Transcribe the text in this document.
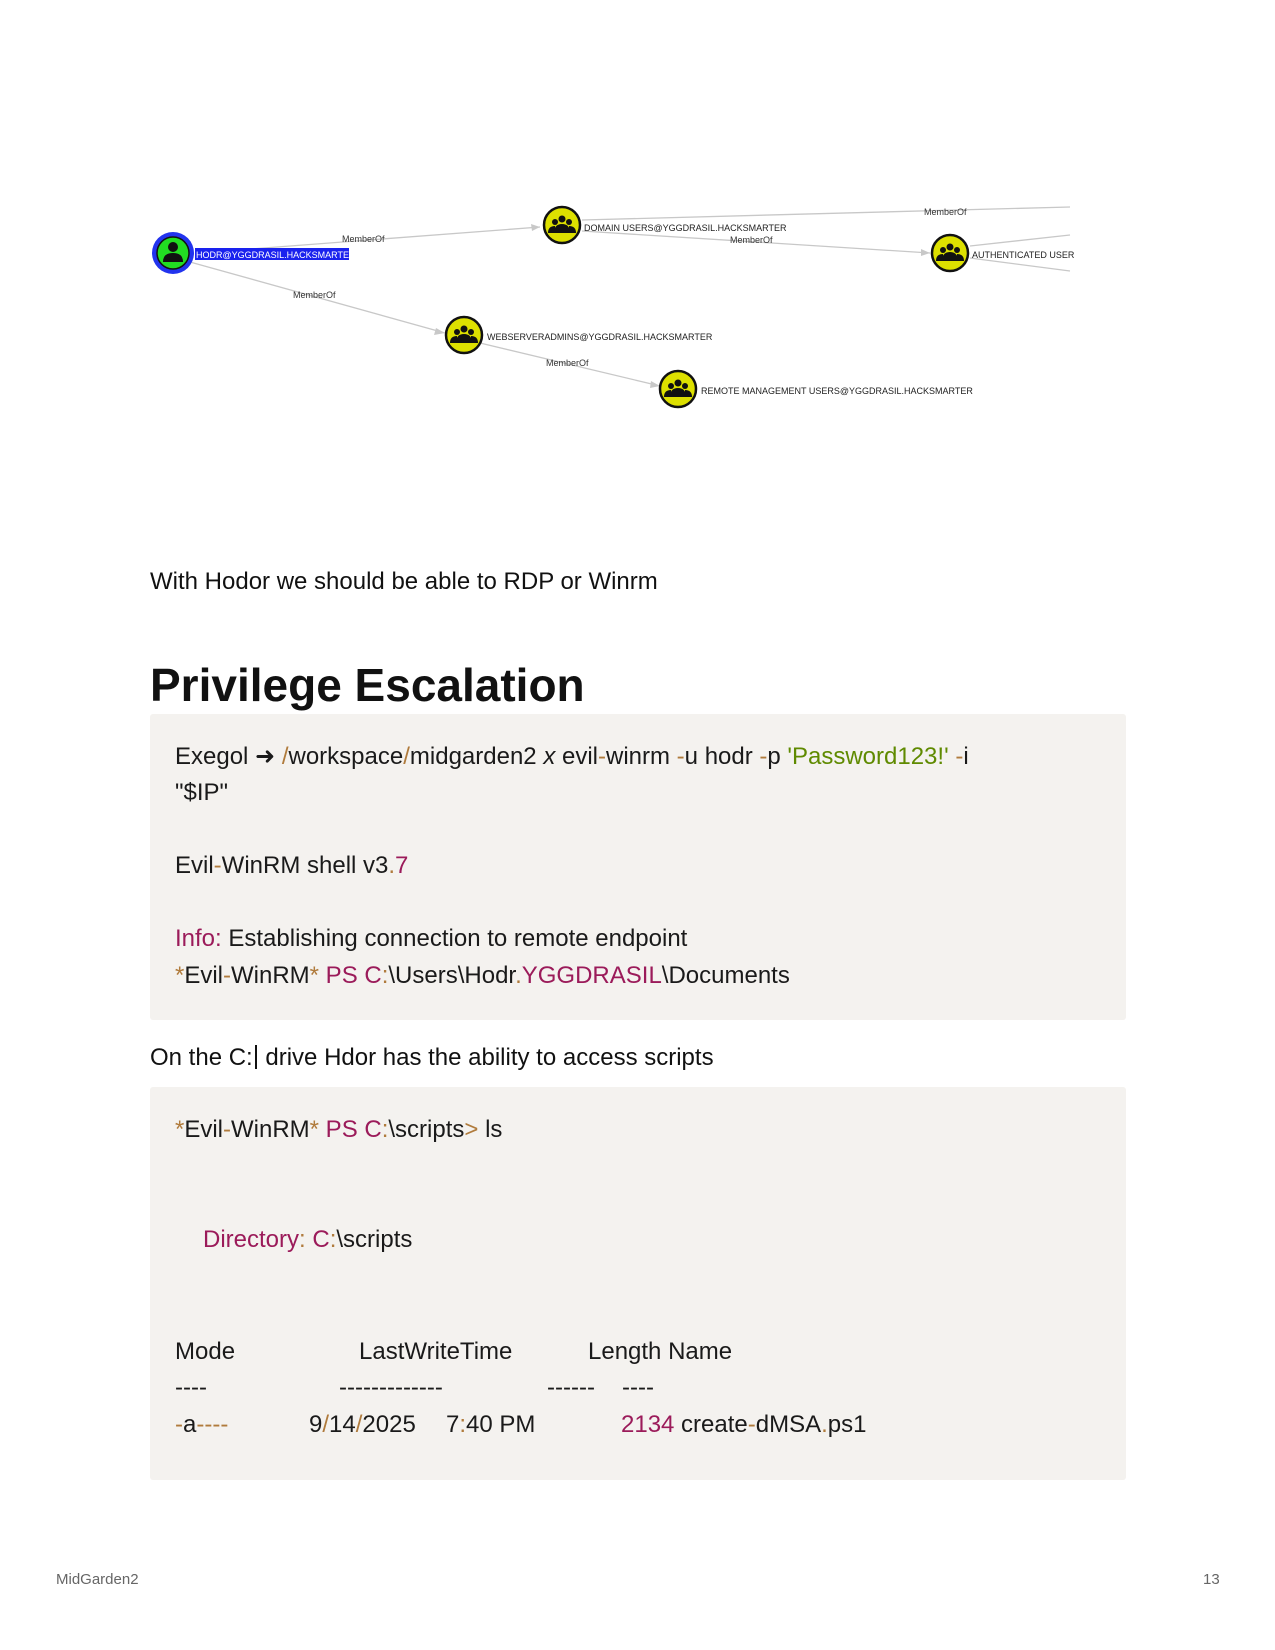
MemberOf
MemberOf
MemberOf
MemberOf
MemberOf
HODR@YGGDRASIL.HACKSMARTER
DOMAIN USERS@YGGDRASIL.HACKSMARTER
AUTHENTICATED USER
WEBSERVERADMINS@YGGDRASIL.HACKSMARTER
REMOTE MANAGEMENT USERS@YGGDRASIL.HACKSMARTER

With Hodor we should be able to RDP or Winrm

Privilege Escalation
Exegol ➜ /workspace/midgarden2 x evil-winrm -u hodr -p 'Password123!' -i
"$IP"
Evil-WinRM shell v3.7
Info: Establishing connection to remote endpoint
*Evil-WinRM* PS C:\Users\Hodr.YGGDRASIL\Documents

On the C: drive Hdor has the ability to access scripts

*Evil-WinRM* PS C:\scripts> ls
Directory: C:\scripts
Mode	LastWriteTime	Length Name
----	-------------	------ ----
-a----	9/14/2025 7:40 PM	2134 create-dMSA.ps1
MidGarden2	13
